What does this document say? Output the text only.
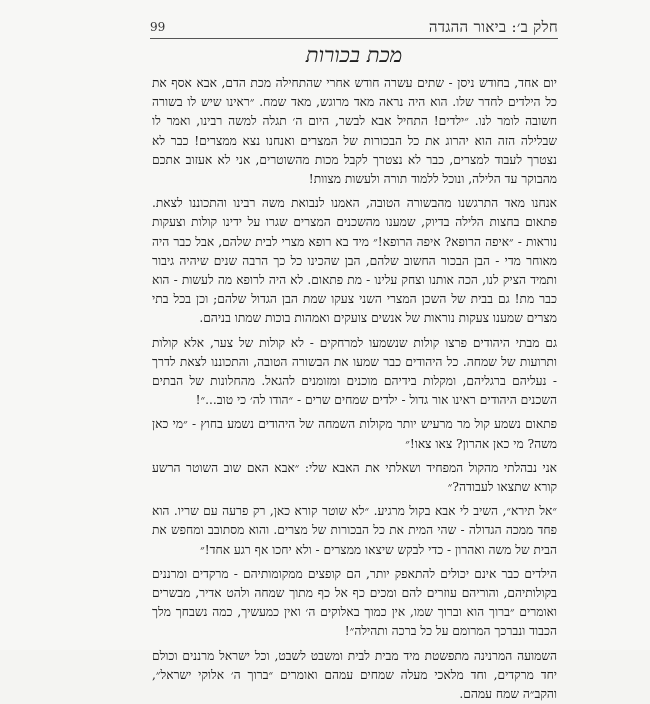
חלק ב׳: ביאור ההגדה
99
מכת בכורות

יום אחד, בחודש ניסן - שתים עשרה חודש אחרי שהתחילה מכת הדם, אבא אסף את כל הילדים לחדר שלו. הוא היה נראה מאד מרוגש, מאד שמח. ״ראינו שיש לו בשורה חשובה לומר לנו. ״ילדים! התחיל אבא לבשר, היום ה׳ תגלה למשה רבינו, ואמר לו שבלילה הזה הוא יהרוג את כל הבכורות של המצרים ואנחנו נצא ממצרים! כבר לא נצטרך לעבוד למצרים, כבר לא נצטרך לקבל מכות מהשוטרים, אני לא אעזוב אתכם מהבוקר עד הלילה, ונוכל ללמוד תורה ולעשות מצוות!

אנחנו מאד התרגשנו מהבשורה הטובה, האמנו לנבואת משה רבינו והתכוננו לצאת. פתאום בחצות הלילה בדיוק, שמענו מהשכנים המצרים שגרו על ידינו קולות וצעקות נוראות - ״איפה הרופא? איפה הרופא!״ מיד בא רופא מצרי לבית שלהם, אבל כבר היה מאוחר מדי - הבן הבכור החשוב שלהם, הבן שהכינו כל כך הרבה שנים שיהיה גיבור ותמיד הציק לנו, הכה אותנו וצחק עלינו - מת פתאום. לא היה לרופא מה לעשות - הוא כבר מת! גם בבית של השכן המצרי השני צעקו שמת הבן הגדול שלהם; וכן בכל בתי מצרים שמענו צעקות נוראות של אנשים צועקים ואמהות בוכות שמתו בניהם.

גם מבתי היהודים פרצו קולות שנשמעו למרחקים - לא קולות של צער, אלא קולות ותרועות של שמחה. כל היהודים כבר שמעו את הבשורה הטובה, והתכוננו לצאת לדרך - נעליהם ברגליהם, ומקלות בידיהם מוכנים ומזומנים להגאל. מהחלונות של הבתים השכנים היהודים ראינו אור גדול - ילדים שמחים שרים - ״הודו לה׳ כי טוב...״!

פתאום נשמע קול מר מרעיש יותר מקולות השמחה של היהודים נשמע בחוץ - ״מי כאן משה? מי כאן אהרון? צאו צאו!״

אני נבהלתי מהקול המפחיד ושאלתי את האבא שלי: ״אבא האם שוב השוטר הרשע קורא שתצאו לעבודה?״

״אל תירא״, השיב לי אבא בקול מרגיע. ״לא שוטר קורא כאן, רק פרעה עם שריו. הוא פחד ממכה הגדולה - שהי המית את כל הבכורות של מצרים. והוא מסתובב ומחפש את הבית של משה ואהרון - כדי לבקש שיצאו ממצרים - ולא יחכו אף רגע אחד!״

הילדים כבר אינם יכולים להתאפק יותר, הם קופצים ממקומותיהם - מרקדים ומרננים בקולותיהם, והוריהם עוזרים להם ומכים כף אל כף מתוך שמחה ולהט אדיר, מבשרים ואומרים ״ברוך הוא וברוך שמו, אין כמוך באלוקים ה׳ ואין כמעשיך, כמה נשבחך מלך הכבוד ונברכך המרומם על כל ברכה ותהילה״!

השמועה המרנינה מתפשטת מיד מבית לבית ומשבט לשבט, וכל ישראל מרננים וכולם יחד מרקדים, וחד מלאכי מעלה שמחים עמהם ואומרים ״ברוך ה׳ אלוקי ישראל״, והקב״ה שמח עמהם.
